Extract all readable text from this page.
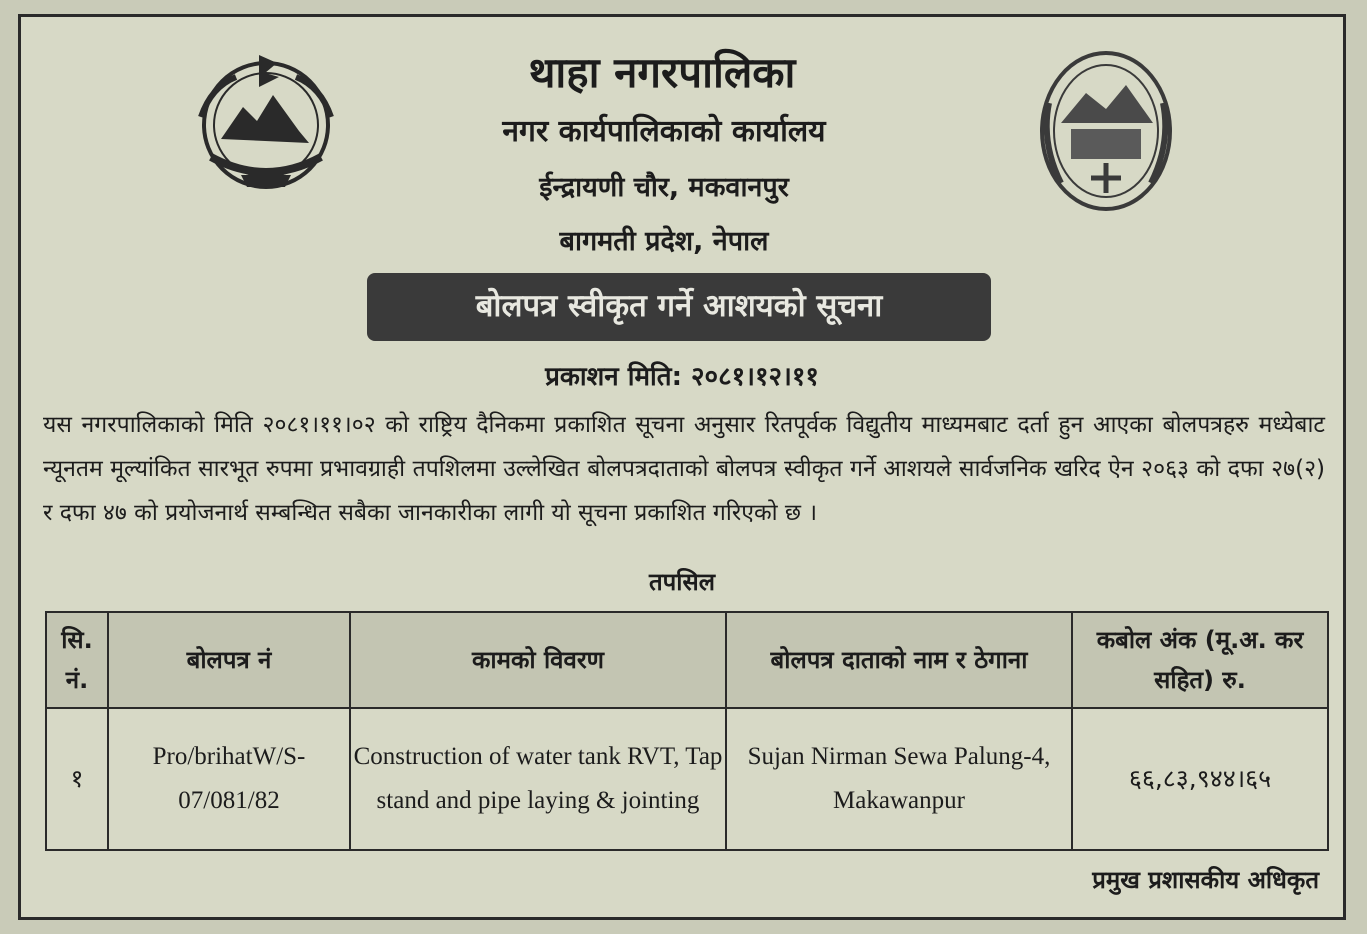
थाहा नगरपालिका
नगर कार्यपालिकाको कार्यालय
ईन्द्रायणी चौर, मकवानपुर
बागमती प्रदेश, नेपाल
बोलपत्र स्वीकृत गर्ने आशयको सूचना
प्रकाशन मिति: २०८१।१२।११
यस नगरपालिकाको मिति २०८१।११।०२ को राष्ट्रिय दैनिकमा प्रकाशित सूचना अनुसार रितपूर्वक विद्युतीय माध्यमबाट दर्ता हुन आएका बोलपत्रहरु मध्येबाट न्यूनतम मूल्यांकित सारभूत रुपमा प्रभावग्राही तपशिलमा उल्लेखित बोलपत्रदाताको बोलपत्र स्वीकृत गर्ने आशयले सार्वजनिक खरिद ऐन २०६३ को दफा २७(२) र दफा ४७ को प्रयोजनार्थ सम्बन्धित सबैका जानकारीका लागी यो सूचना प्रकाशित गरिएको छ ।
तपसिल
सि. नं.	बोलपत्र नं	कामको विवरण	बोलपत्र दाताको नाम र ठेगाना	कबोल अंक (मू.अ. कर सहित) रु.
१	Pro/brihatW/S-07/081/82	Construction of water tank RVT, Tap stand and pipe laying & jointing	Sujan Nirman Sewa Palung-4, Makawanpur	६६,८३,९४४।६५
प्रमुख प्रशासकीय अधिकृत
